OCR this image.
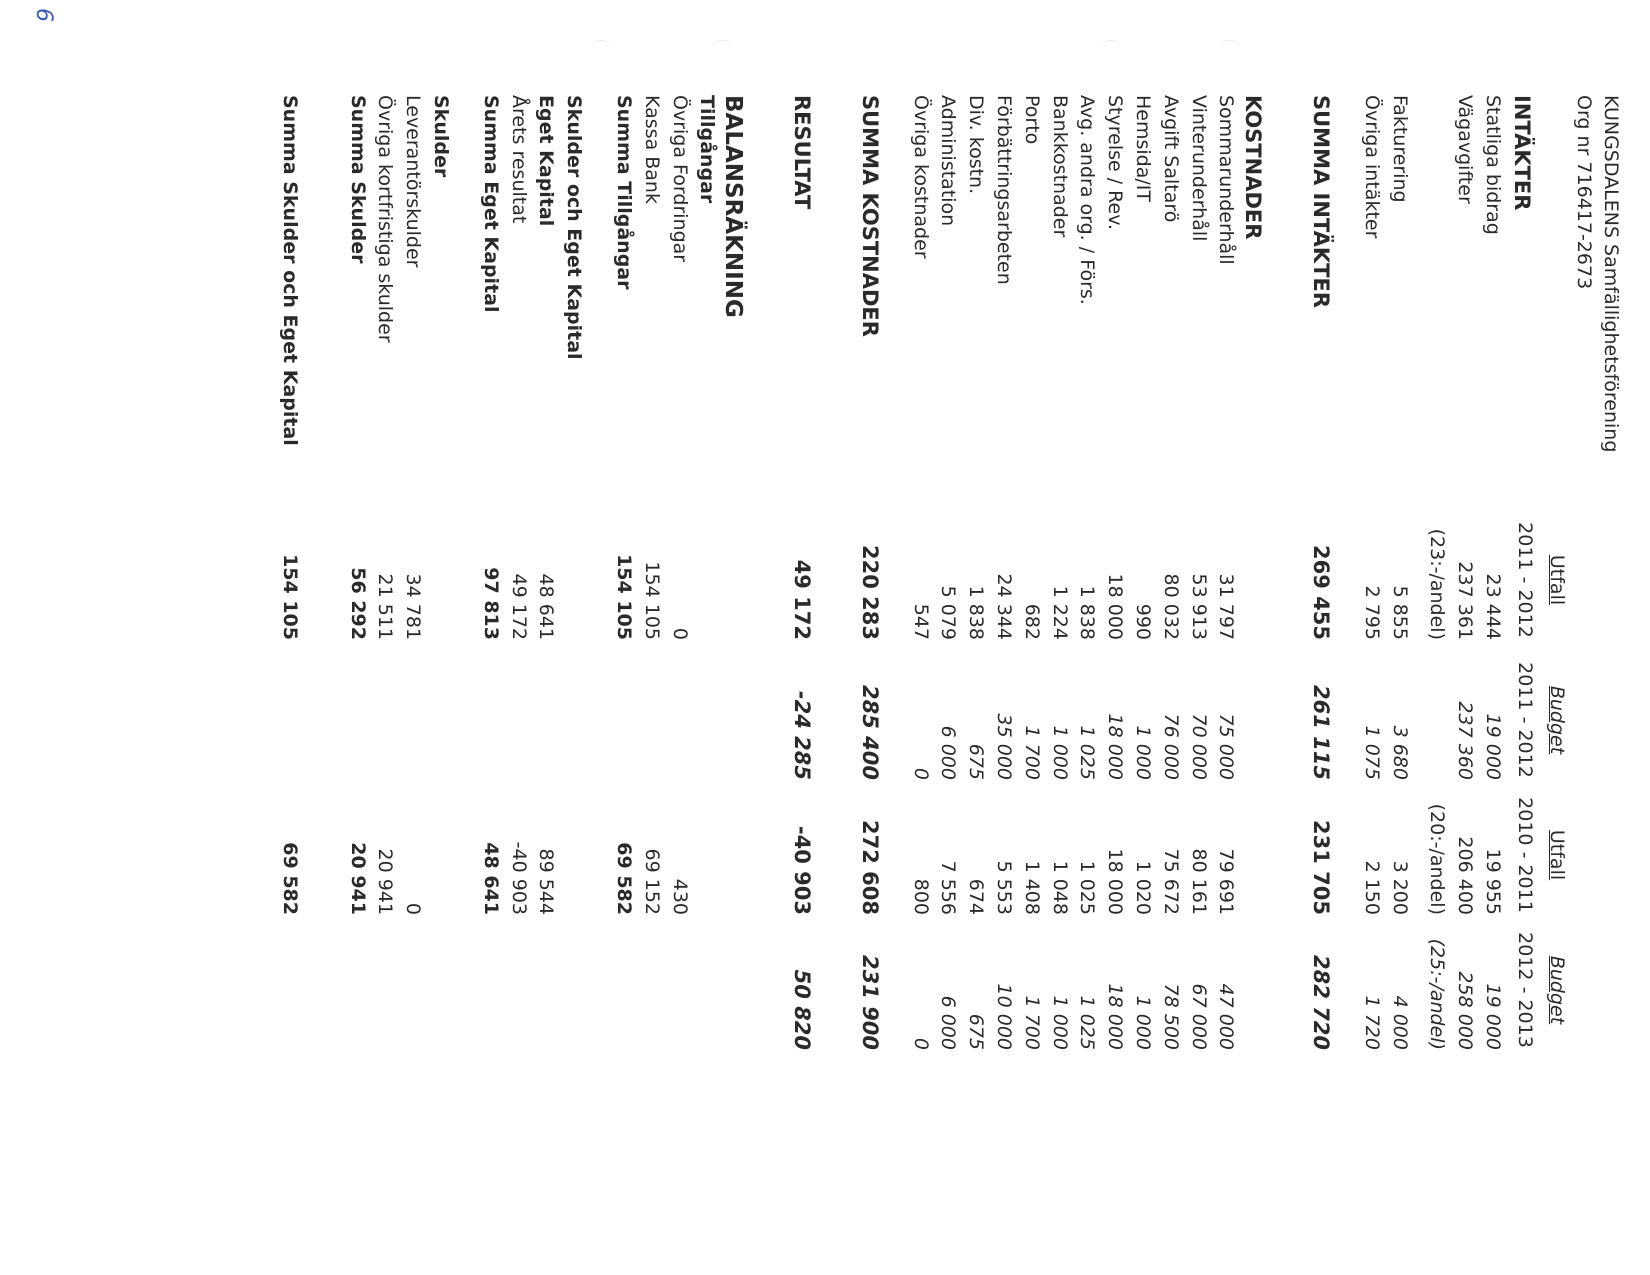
KUNGSDALENS Samfällighetsförening
Org nr 716417-2673
Utfall
Budget
Utfall
Budget
INTÄKTER
2011 - 2012
2011 - 2012
2010 - 2011
2012 - 2013
Statliga bidrag
23 444
19 000
19 955
19 000
Vägavgifter
237 361
237 360
206 400
258 000
(23:-/andel)
(20:-/andel)
(25:-/andel)
Fakturering
5 855
3 680
3 200
4 000
Övriga intäkter
2 795
1 075
2 150
1 720
SUMMA INTÄKTER
269 455
261 115
231 705
282 720
KOSTNADER
Sommarunderhåll
31 797
75 000
79 691
47 000
Vinterunderhåll
53 913
70 000
80 161
67 000
Avgift Saltarö
80 032
76 000
75 672
78 500
Hemsida/IT
990
1 000
1 020
1 000
Styrelse / Rev.
18 000
18 000
18 000
18 000
Avg. andra org. / Förs.
1 838
1 025
1 025
1 025
Bankkostnader
1 224
1 000
1 048
1 000
Porto
682
1 700
1 408
1 700
Förbättringsarbeten
24 344
35 000
5 553
10 000
Div. kostn.
1 838
675
674
675
Administation
5 079
6 000
7 556
6 000
Övriga kostnader
547
0
800
0
SUMMA KOSTNADER
220 283
285 400
272 608
231 900
RESULTAT
49 172
-24 285
-40 903
50 820
BALANSRÄKNING
Tillgångar
Övriga Fordringar
0
430
Kassa Bank
154 105
69 152
Summa Tillgångar
154 105
69 582
Skulder och Eget Kapital
Eget Kapital
48 641
89 544
Årets resultat
49 172
-40 903
Summa Eget Kapital
97 813
48 641
Skulder
Leverantörskulder
34 781
0
Övriga kortfristiga skulder
21 511
20 941
Summa Skulder
56 292
20 941
Summa Skulder och Eget Kapital
154 105
69 582
6
